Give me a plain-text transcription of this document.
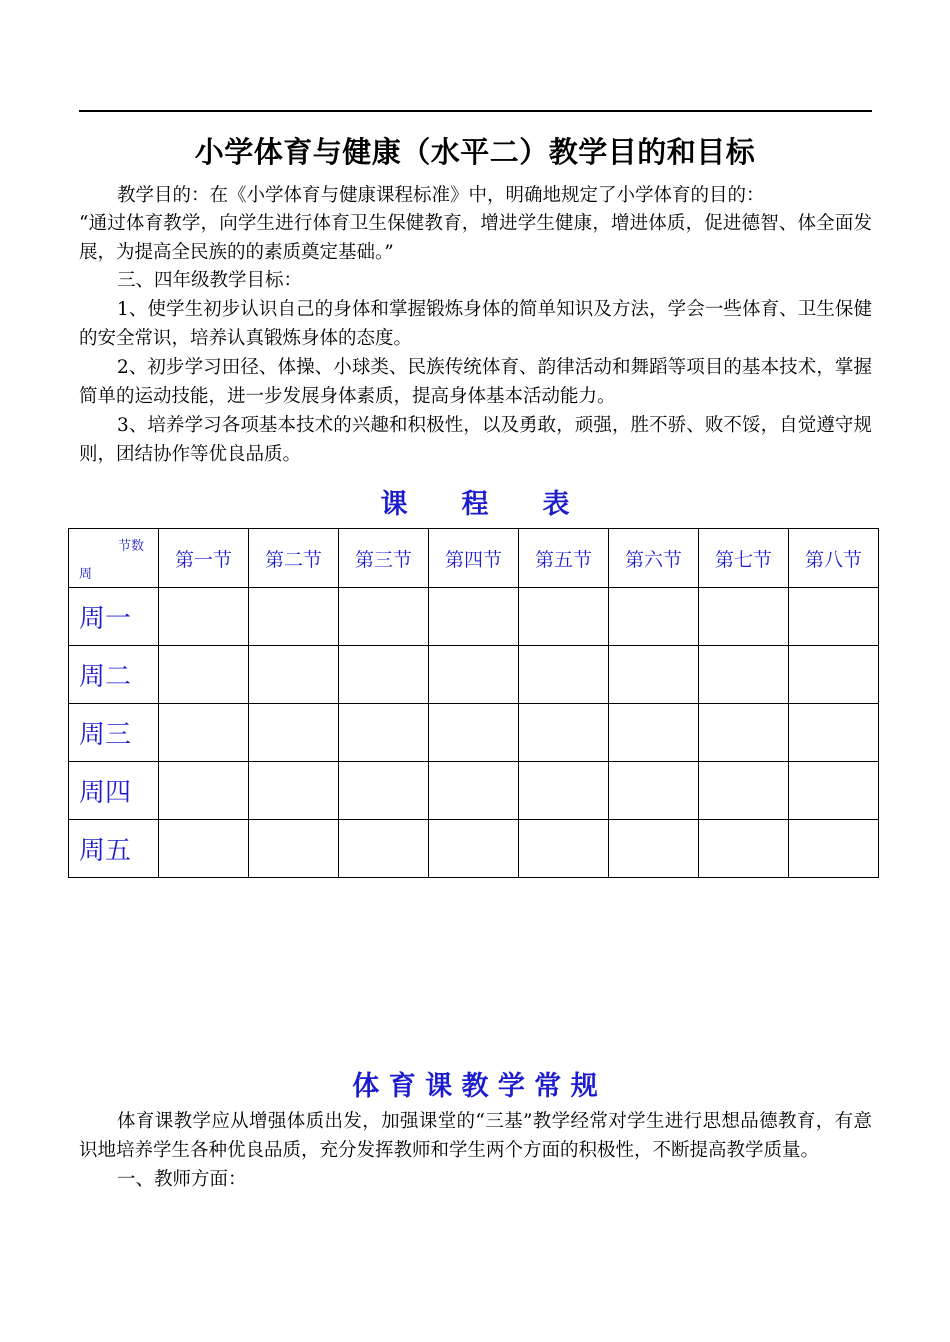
小学体育与健康（水平二）教学目的和目标
教学目的：在《小学体育与健康课程标准》中，明确地规定了小学体育的目的：
“通过体育教学，向学生进行体育卫生保健教育，增进学生健康，增进体质，促进德智、体全面发展，为提高全民族的的素质奠定基础。”
三、四年级教学目标：
1、使学生初步认识自己的身体和掌握锻炼身体的简单知识及方法，学会一些体育、卫生保健的安全常识，培养认真锻炼身体的态度。
2、初步学习田径、体操、小球类、民族传统体育、韵律活动和舞蹈等项目的基本技术，掌握简单的运动技能，进一步发展身体素质，提高身体基本活动能力。
3、培养学习各项基本技术的兴趣和积极性，以及勇敢，顽强，胜不骄、败不馁，自觉遵守规则，团结协作等优良品质。
课　　程　　表
节数
周	第一节	第二节	第三节	第四节	第五节	第六节	第七节	第八节
周一								
周二								
周三								
周四								
周五								
体 育 课 教 学 常 规
体育课教学应从增强体质出发，加强课堂的“三基”教学经常对学生进行思想品德教育，有意识地培养学生各种优良品质，充分发挥教师和学生两个方面的积极性，不断提高教学质量。
一、教师方面：
